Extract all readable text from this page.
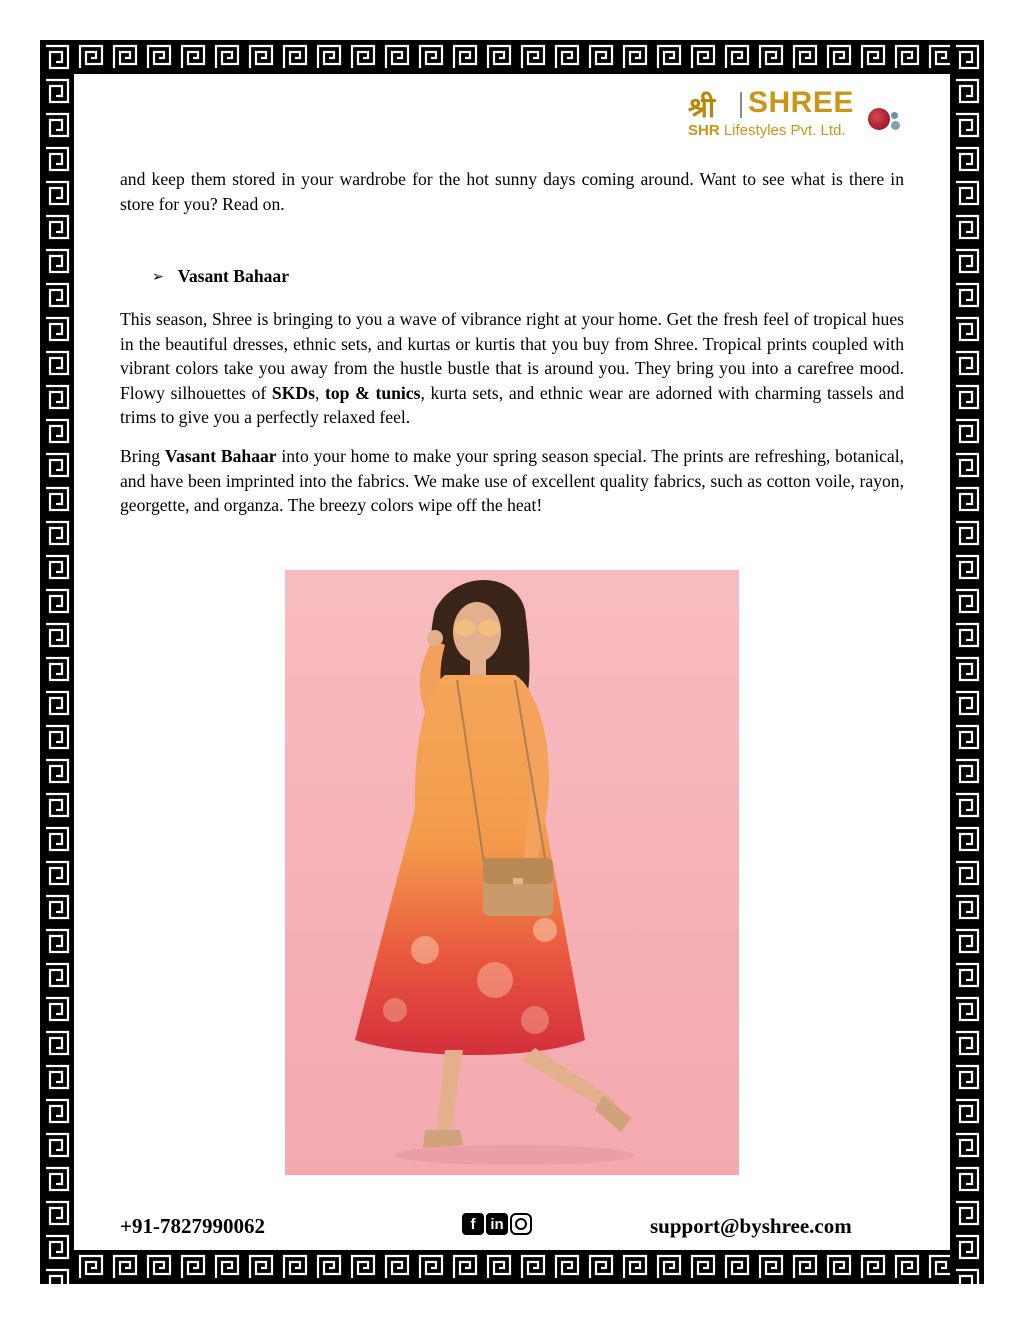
श्री SHREE
SHR Lifestyles Pvt. Ltd.
and keep them stored in your wardrobe for the hot sunny days coming around. Want to see what is there in store for you? Read on.
➢ Vasant Bahaar
This season, Shree is bringing to you a wave of vibrance right at your home. Get the fresh feel of tropical hues in the beautiful dresses, ethnic sets, and kurtas or kurtis that you buy from Shree. Tropical prints coupled with vibrant colors take you away from the hustle bustle that is around you. They bring you into a carefree mood. Flowy silhouettes of SKDs, top & tunics, kurta sets, and ethnic wear are adorned with charming tassels and trims to give you a perfectly relaxed feel.
Bring Vasant Bahaar into your home to make your spring season special. The prints are refreshing, botanical, and have been imprinted into the fabrics. We make use of excellent quality fabrics, such as cotton voile, rayon, georgette, and organza. The breezy colors wipe off the heat!
+91-7827990062	f in	support@byshree.com
